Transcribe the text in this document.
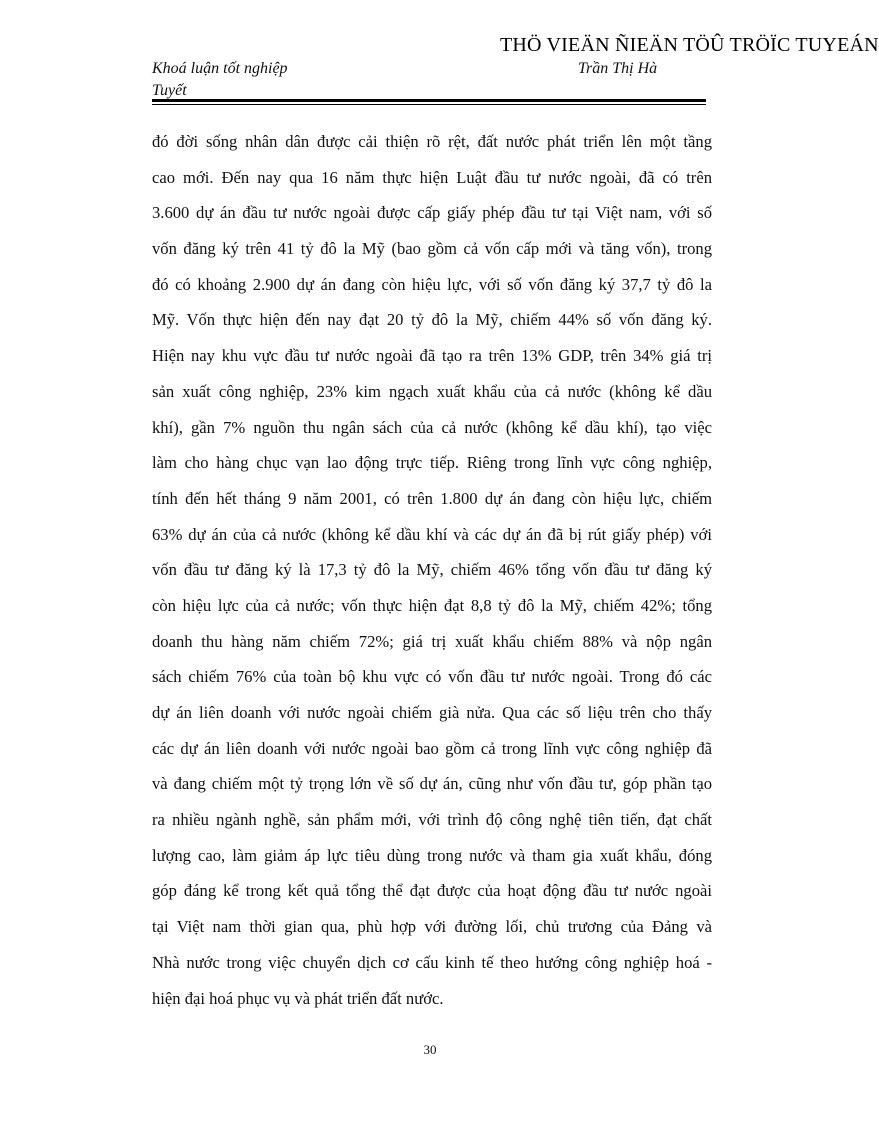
THÖ VIEÄN ÑIEÄN TÖÛ TRÖÏC TUYEÁN
Khoá luận tốt nghiệp
Tuyết
Trần Thị Hà
đó đời sống nhân dân được cải thiện rõ rệt, đất nước phát triển lên một tầng
cao mới. Đến nay qua 16 năm thực hiện Luật đầu tư nước ngoài, đã có trên
3.600 dự án đầu tư nước ngoài được cấp giấy phép đầu tư tại Việt nam, với số
vốn đăng ký trên 41 tỷ đô la Mỹ (bao gồm cả vốn cấp mới và tăng vốn), trong
đó có khoảng 2.900 dự án đang còn hiệu lực, với số vốn đăng ký 37,7 tỷ đô la
Mỹ. Vốn thực hiện đến nay đạt 20 tỷ đô la Mỹ, chiếm 44% số vốn đăng ký.
Hiện nay khu vực đầu tư nước ngoài đã tạo ra trên 13% GDP, trên 34% giá trị
sản xuất công nghiệp, 23% kim ngạch xuất khẩu của cả nước (không kể dầu
khí), gần 7% nguồn thu ngân sách của cả nước (không kể dầu khí), tạo việc
làm cho hàng chục vạn lao động trực tiếp. Riêng trong lĩnh vực công nghiệp,
tính đến hết tháng 9 năm 2001, có trên 1.800 dự án đang còn hiệu lực, chiếm
63% dự án của cả nước (không kể dầu khí và các dự án đã bị rút giấy phép) với
vốn đầu tư đăng ký là 17,3 tỷ đô la Mỹ, chiếm 46% tổng vốn đầu tư đăng ký
còn hiệu lực của cả nước; vốn thực hiện đạt 8,8 tỷ đô la Mỹ, chiếm 42%; tổng
doanh thu hàng năm chiếm 72%; giá trị xuất khẩu chiếm 88% và nộp ngân
sách chiếm 76% của toàn bộ khu vực có vốn đầu tư nước ngoài. Trong đó các
dự án liên doanh với nước ngoài chiếm già nửa. Qua các số liệu trên cho thấy
các dự án liên doanh với nước ngoài bao gồm cả trong lĩnh vực công nghiệp đã
và đang chiếm một tỷ trọng lớn về số dự án, cũng như vốn đầu tư, góp phần tạo
ra nhiều ngành nghề, sản phẩm mới, với trình độ công nghệ tiên tiến, đạt chất
lượng cao, làm giảm áp lực tiêu dùng trong nước và tham gia xuất khẩu, đóng
góp đáng kể trong kết quả tổng thể đạt được của hoạt động đầu tư nước ngoài
tại Việt nam thời gian qua, phù hợp với đường lối, chủ trương của Đảng và
Nhà nước trong việc chuyển dịch cơ cấu kinh tế theo hướng công nghiệp hoá -
hiện đại hoá phục vụ và phát triển đất nước.
30
